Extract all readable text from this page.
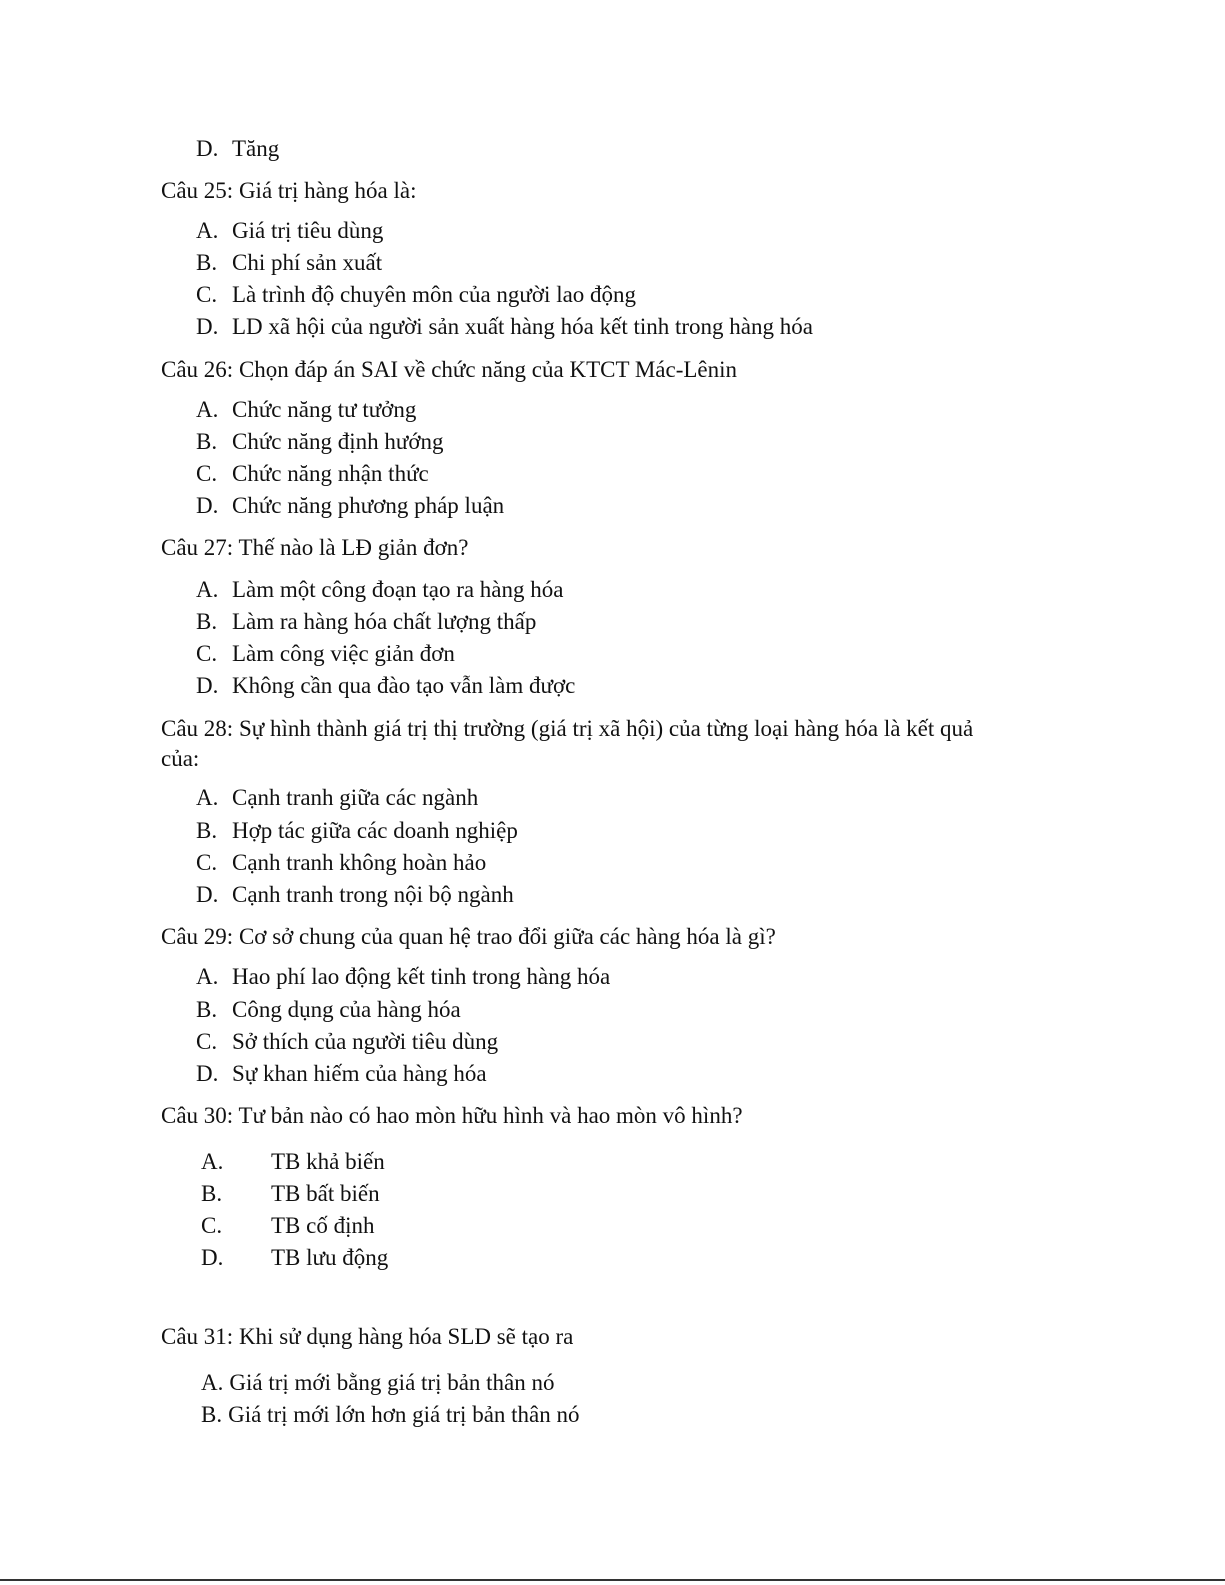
D. Tăng
Câu 25: Giá trị hàng hóa là:
A. Giá trị tiêu dùng
B. Chi phí sản xuất
C. Là trình độ chuyên môn của người lao động
D. LD xã hội của người sản xuất hàng hóa kết tinh trong hàng hóa
Câu 26: Chọn đáp án SAI về chức năng của KTCT Mác-Lênin
A. Chức năng tư tưởng
B. Chức năng định hướng
C. Chức năng nhận thức
D. Chức năng phương pháp luận
Câu 27: Thế nào là LĐ giản đơn?
A. Làm một công đoạn tạo ra hàng hóa
B. Làm ra hàng hóa chất lượng thấp
C. Làm công việc giản đơn
D. Không cần qua đào tạo vẫn làm được
Câu 28: Sự hình thành giá trị thị trường (giá trị xã hội) của từng loại hàng hóa là kết quả
của:
A. Cạnh tranh giữa các ngành
B. Hợp tác giữa các doanh nghiệp
C. Cạnh tranh không hoàn hảo
D. Cạnh tranh trong nội bộ ngành
Câu 29: Cơ sở chung của quan hệ trao đổi giữa các hàng hóa là gì?
A. Hao phí lao động kết tinh trong hàng hóa
B. Công dụng của hàng hóa
C. Sở thích của người tiêu dùng
D. Sự khan hiếm của hàng hóa
Câu 30: Tư bản nào có hao mòn hữu hình và hao mòn vô hình?
A. TB khả biến
B. TB bất biến
C. TB cố định
D. TB lưu động
Câu 31: Khi sử dụng hàng hóa SLD sẽ tạo ra
A. Giá trị mới bằng giá trị bản thân nó
B. Giá trị mới lớn hơn giá trị bản thân nó
